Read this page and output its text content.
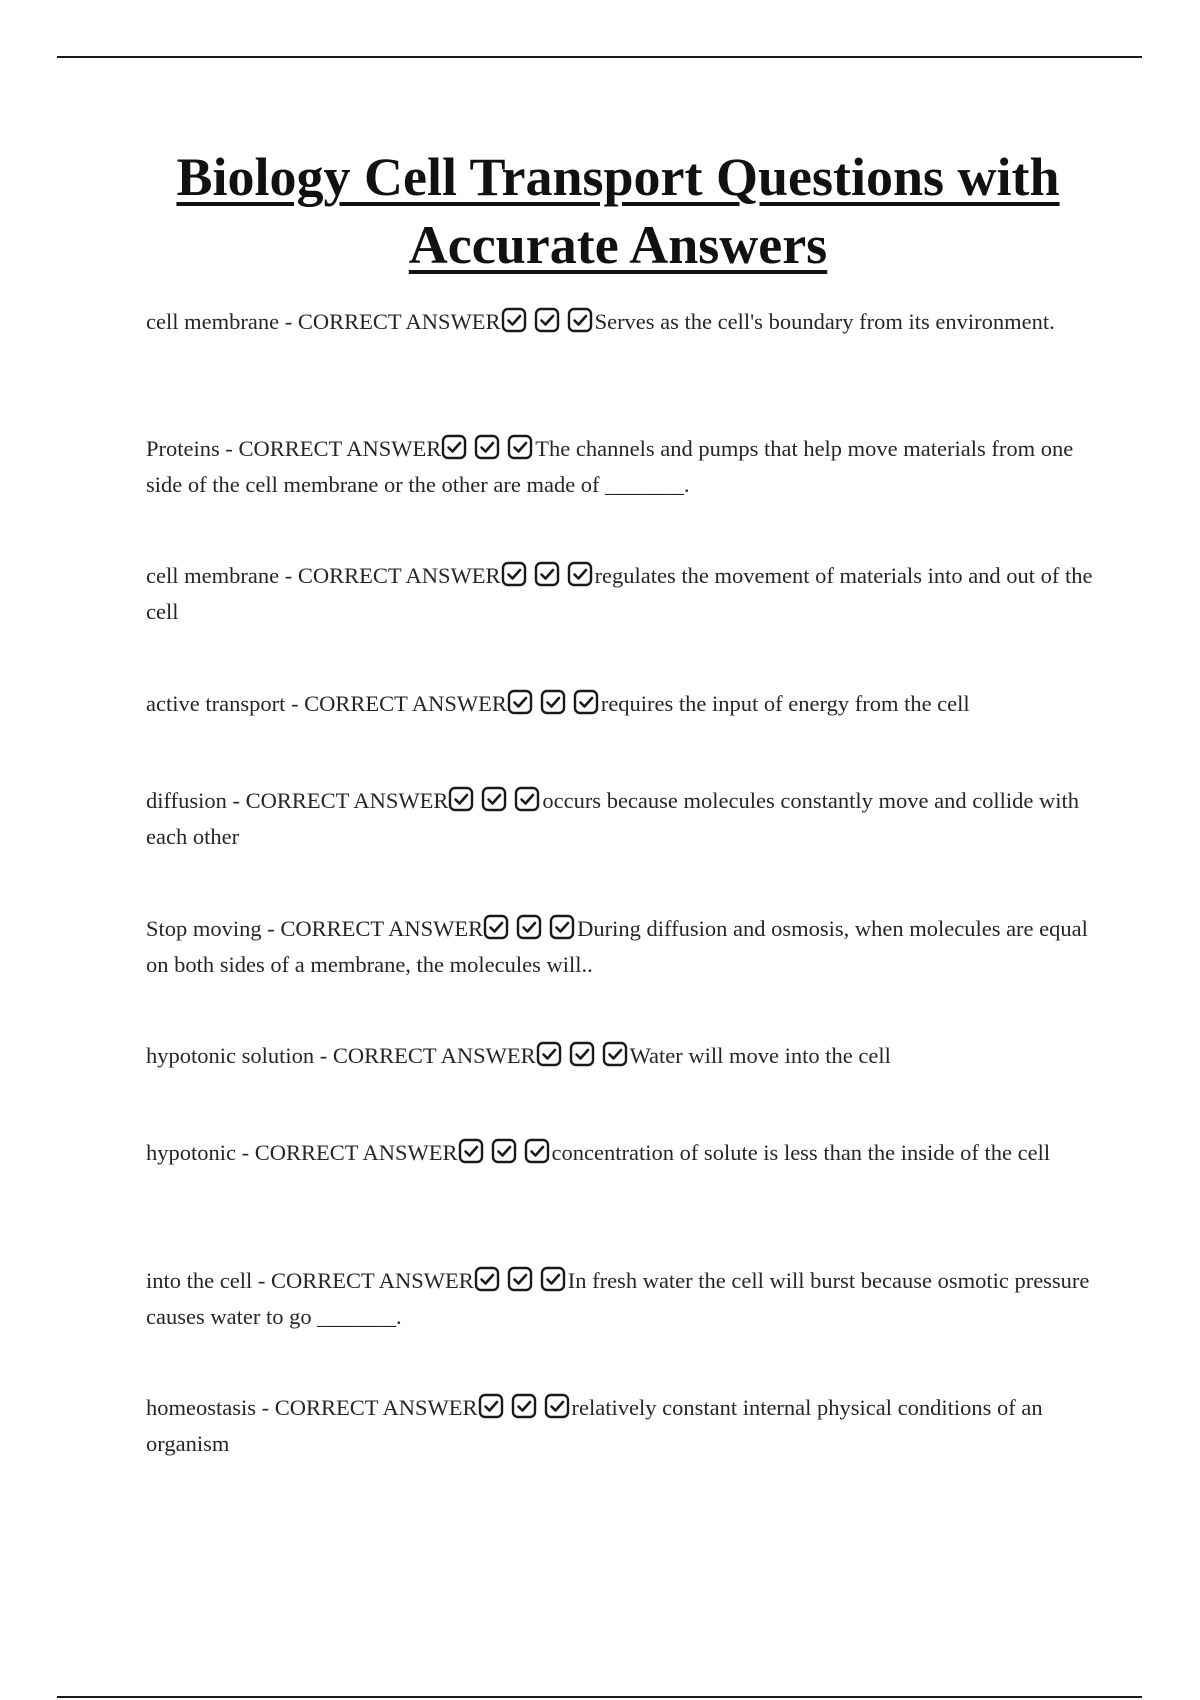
Biology Cell Transport Questions with Accurate Answers

cell membrane - CORRECT ANSWER	Serves as the cell's boundary from its environment.

Proteins - CORRECT ANSWER	The channels and pumps that help move materials from one side of the cell membrane or the other are made of _______.

cell membrane - CORRECT ANSWER	regulates the movement of materials into and out of the cell

active transport - CORRECT ANSWER	requires the input of energy from the cell

diffusion - CORRECT ANSWER	occurs because molecules constantly move and collide with each other

Stop moving - CORRECT ANSWER	During diffusion and osmosis, when molecules are equal on both sides of a membrane, the molecules will..

hypotonic solution - CORRECT ANSWER	Water will move into the cell

hypotonic - CORRECT ANSWER	concentration of solute is less than the inside of the cell

into the cell - CORRECT ANSWER	In fresh water the cell will burst because osmotic pressure causes water to go _______.

homeostasis - CORRECT ANSWER	relatively constant internal physical conditions of an organism
